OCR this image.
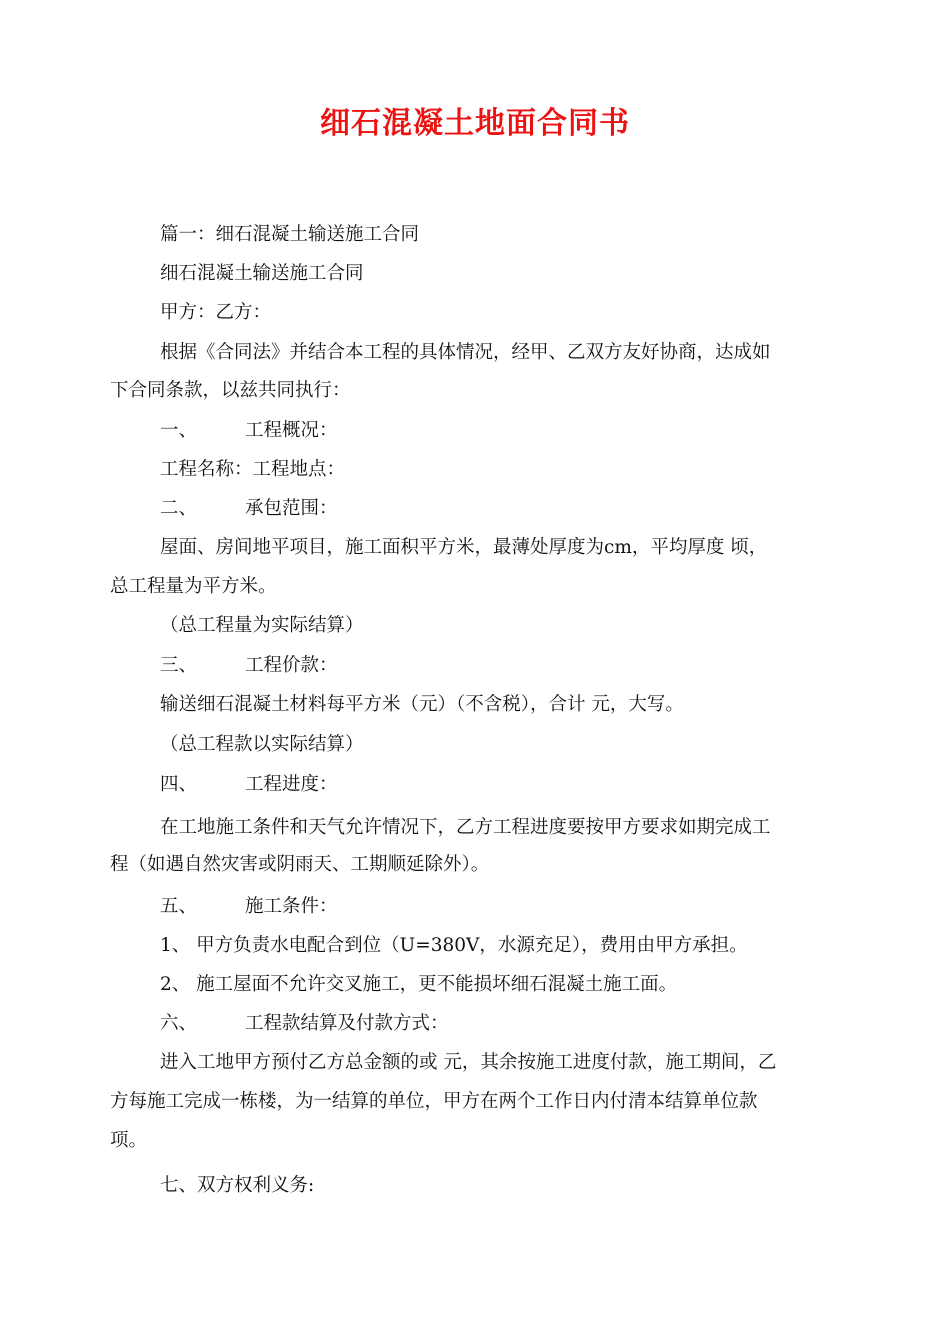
细石混凝土地面合同书
篇一：细石混凝土输送施工合同
细石混凝土输送施工合同
甲方：乙方：
根据《合同法》并结合本工程的具体情况，经甲、乙双方友好协商，达成如
下合同条款，以兹共同执行：
一、	工程概况：
工程名称：工程地点：
二、	承包范围：
屋面、房间地平项目，施工面积平方米，最薄处厚度为cm，平均厚度 顷，
总工程量为平方米。
（总工程量为实际结算）
三、	工程价款：
输送细石混凝土材料每平方米（元）（不含税），合计 元，大写。
（总工程款以实际结算）
四、	工程进度：
在工地施工条件和天气允许情况下，乙方工程进度要按甲方要求如期完成工
程（如遇自然灾害或阴雨天、工期顺延除外）。
五、	施工条件：
1、 甲方负责水电配合到位（U=380V，水源充足），费用由甲方承担。
2、 施工屋面不允许交叉施工，更不能损坏细石混凝土施工面。
六、	工程款结算及付款方式：
进入工地甲方预付乙方总金额的或 元，其余按施工进度付款，施工期间，乙
方每施工完成一栋楼，为一结算的单位，甲方在两个工作日内付清本结算单位款
项。
七、双方权利义务:
